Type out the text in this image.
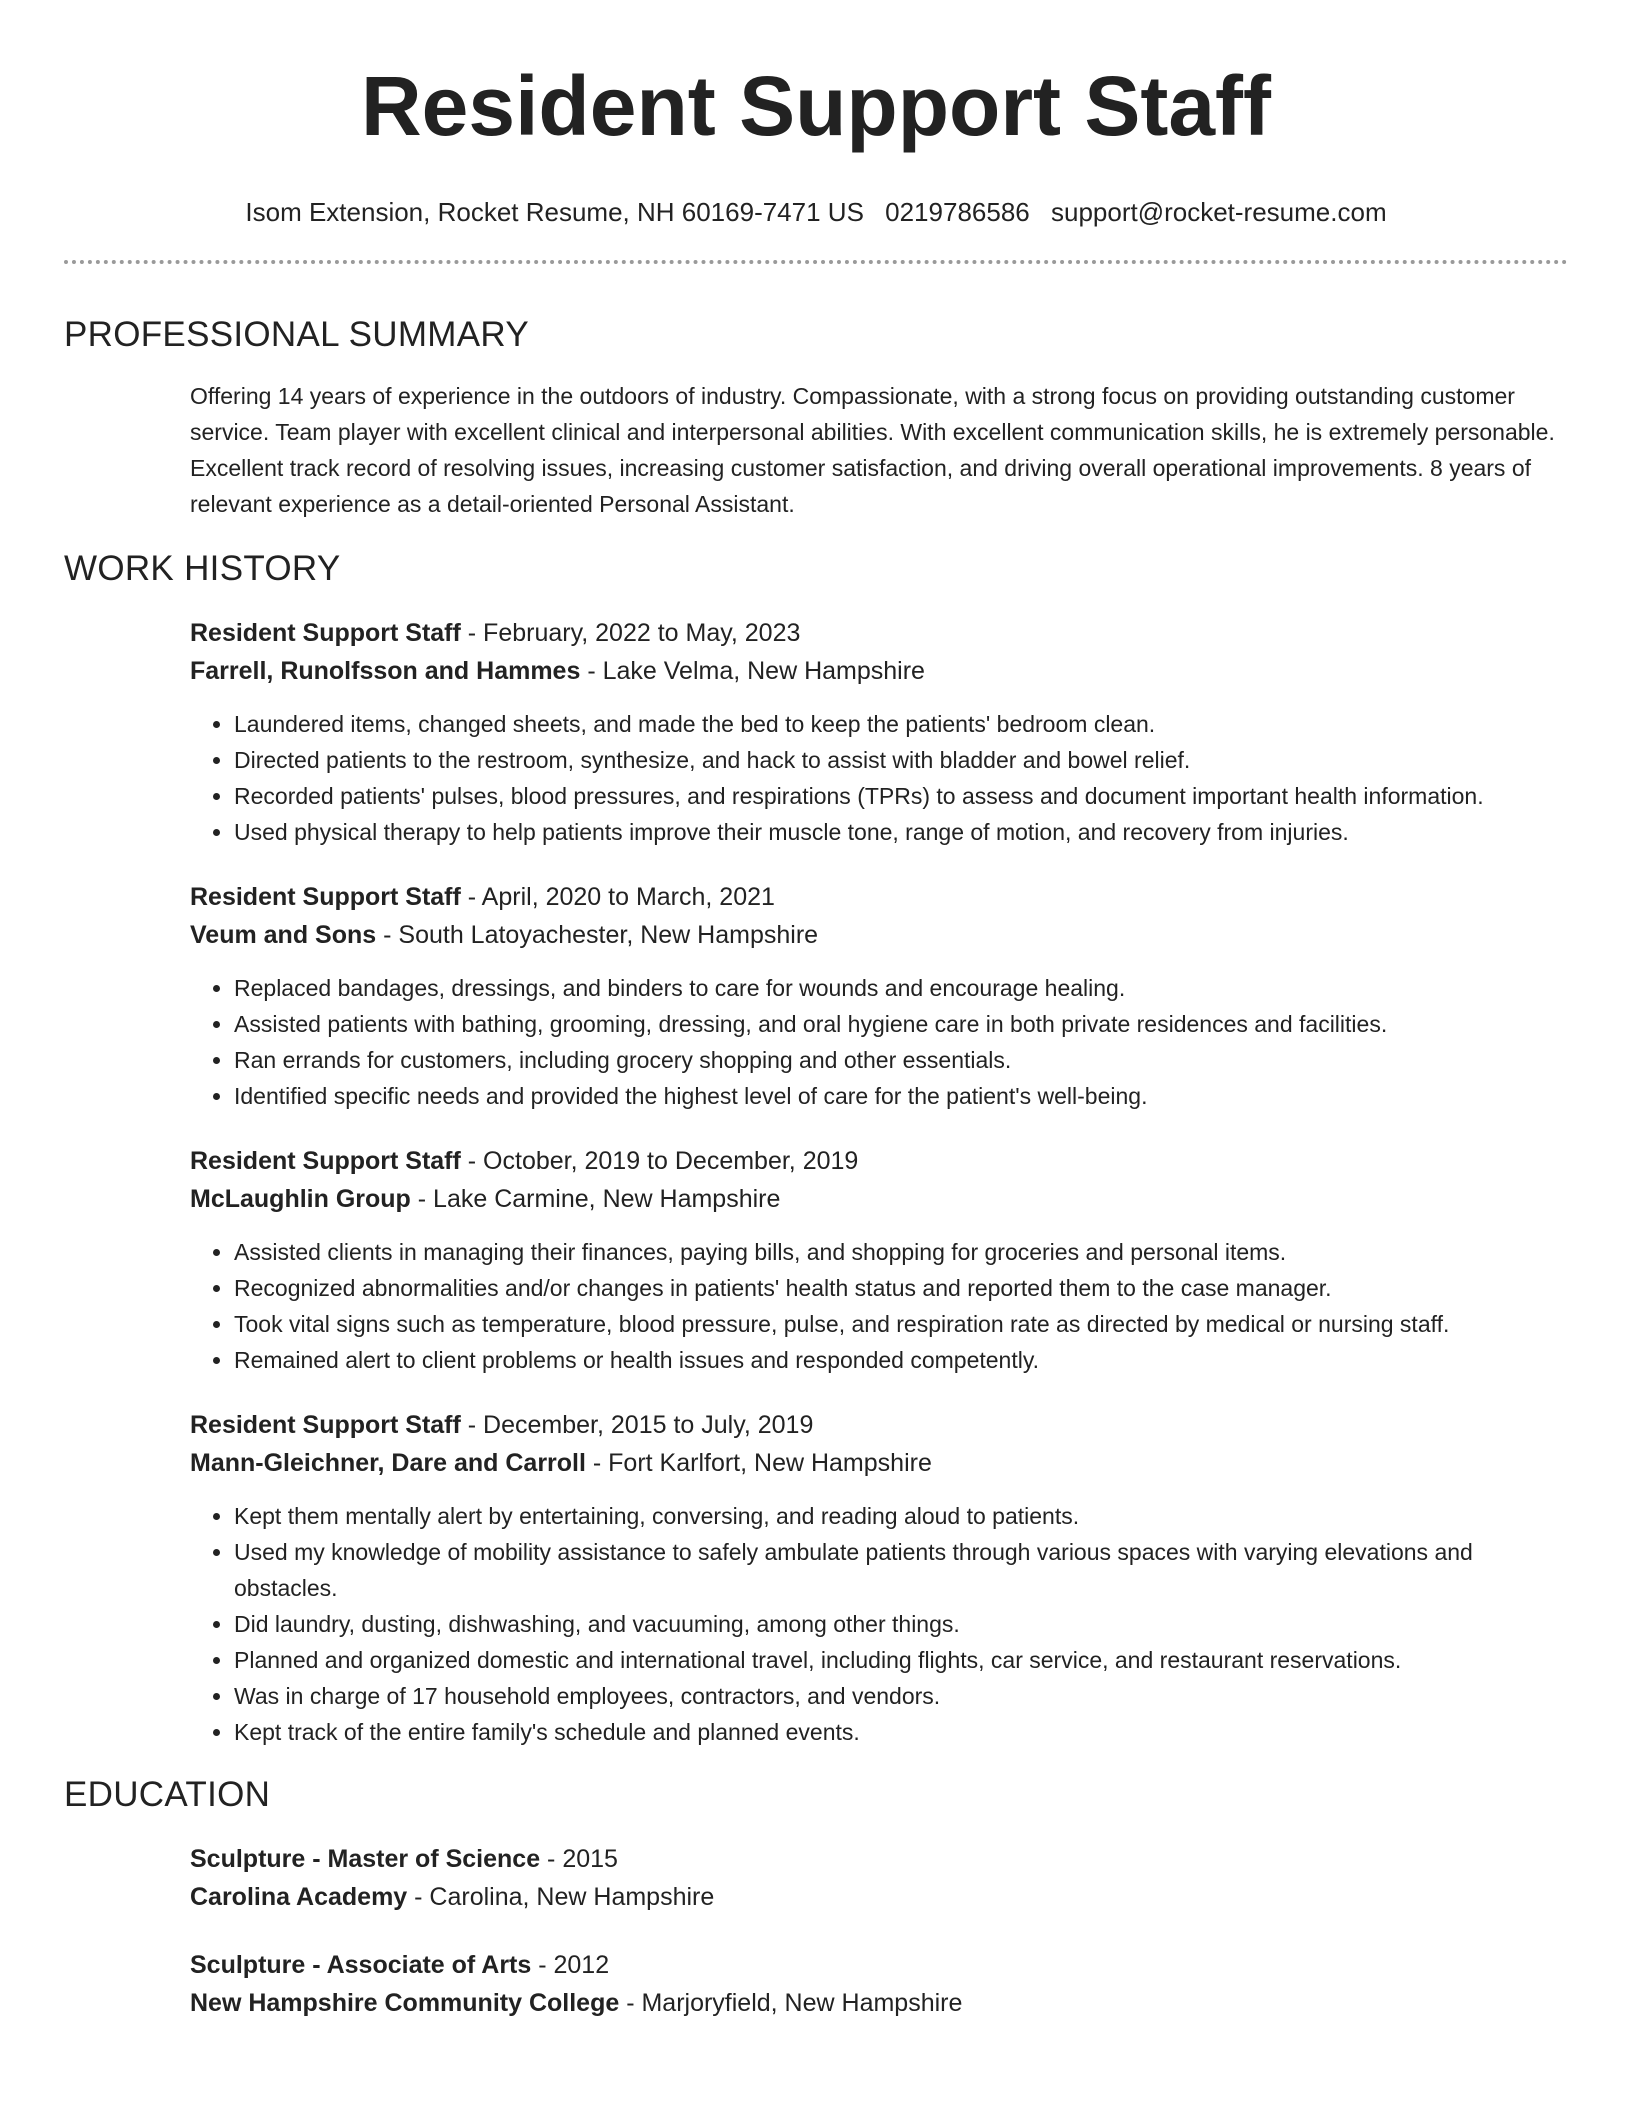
Resident Support Staff
Isom Extension, Rocket Resume, NH 60169-7471 US 0219786586 support@rocket-resume.com
PROFESSIONAL SUMMARY
Offering 14 years of experience in the outdoors of industry. Compassionate, with a strong focus on providing outstanding customer service. Team player with excellent clinical and interpersonal abilities. With excellent communication skills, he is extremely personable. Excellent track record of resolving issues, increasing customer satisfaction, and driving overall operational improvements. 8 years of relevant experience as a detail-oriented Personal Assistant.
WORK HISTORY
Resident Support Staff - February, 2022 to May, 2023
Farrell, Runolfsson and Hammes - Lake Velma, New Hampshire
• Laundered items, changed sheets, and made the bed to keep the patients' bedroom clean.
• Directed patients to the restroom, synthesize, and hack to assist with bladder and bowel relief.
• Recorded patients' pulses, blood pressures, and respirations (TPRs) to assess and document important health information.
• Used physical therapy to help patients improve their muscle tone, range of motion, and recovery from injuries.
Resident Support Staff - April, 2020 to March, 2021
Veum and Sons - South Latoyachester, New Hampshire
• Replaced bandages, dressings, and binders to care for wounds and encourage healing.
• Assisted patients with bathing, grooming, dressing, and oral hygiene care in both private residences and facilities.
• Ran errands for customers, including grocery shopping and other essentials.
• Identified specific needs and provided the highest level of care for the patient's well-being.
Resident Support Staff - October, 2019 to December, 2019
McLaughlin Group - Lake Carmine, New Hampshire
• Assisted clients in managing their finances, paying bills, and shopping for groceries and personal items.
• Recognized abnormalities and/or changes in patients' health status and reported them to the case manager.
• Took vital signs such as temperature, blood pressure, pulse, and respiration rate as directed by medical or nursing staff.
• Remained alert to client problems or health issues and responded competently.
Resident Support Staff - December, 2015 to July, 2019
Mann-Gleichner, Dare and Carroll - Fort Karlfort, New Hampshire
• Kept them mentally alert by entertaining, conversing, and reading aloud to patients.
• Used my knowledge of mobility assistance to safely ambulate patients through various spaces with varying elevations and obstacles.
• Did laundry, dusting, dishwashing, and vacuuming, among other things.
• Planned and organized domestic and international travel, including flights, car service, and restaurant reservations.
• Was in charge of 17 household employees, contractors, and vendors.
• Kept track of the entire family's schedule and planned events.
EDUCATION
Sculpture - Master of Science - 2015
Carolina Academy - Carolina, New Hampshire
Sculpture - Associate of Arts - 2012
New Hampshire Community College - Marjoryfield, New Hampshire
